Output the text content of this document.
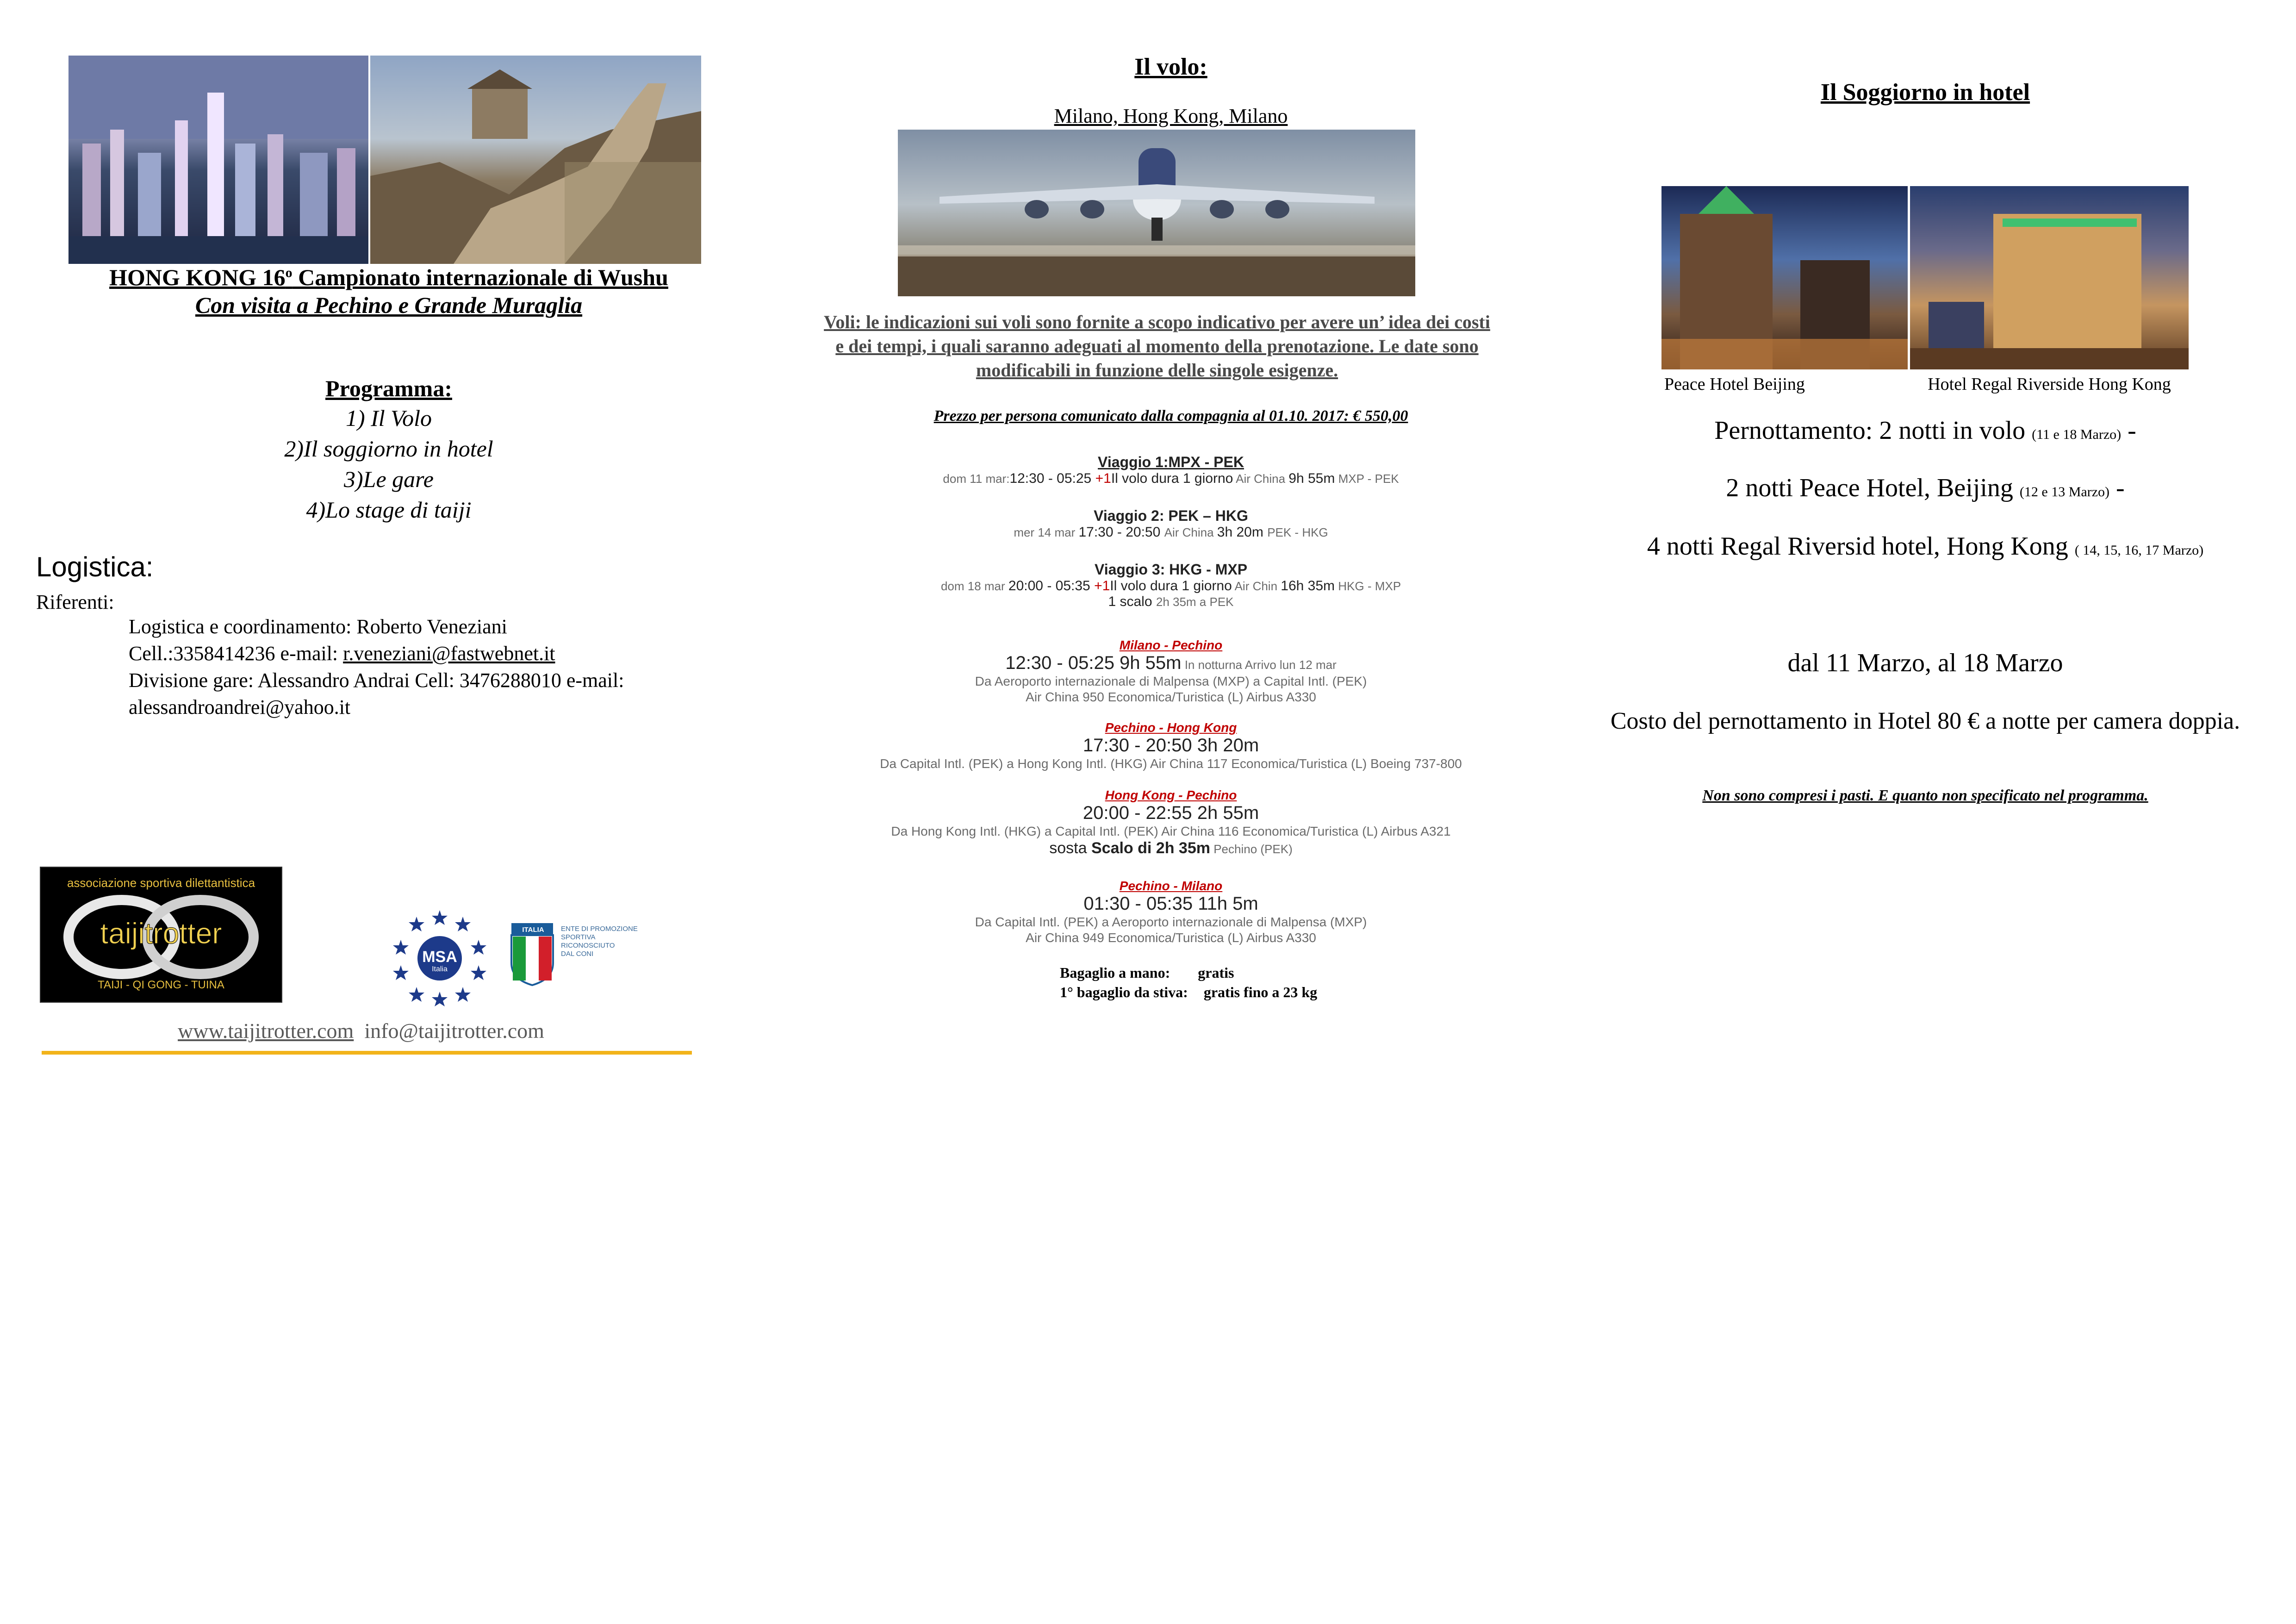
HONG KONG 16$^o$ Campionato internazionale di Wushu
Con visita a Pechino e Grande Muraglia
Programma:
1) Il Volo
2)Il soggiorno in hotel
3)Le gare
4)Lo stage di taiji
Logistica:
Riferenti:
Logistica e coordinamento: Roberto Veneziani
Cell.:3358414236 e-mail: r.veneziani@fastwebnet.it
Divisione gare: Alessandro Andrai Cell: 3476288010 e-mail:
alessandroandrei@yahoo.it
associazione sportiva dilettantistica
taijitrotter
TAIJI - QI GONG - TUINA
MSA
Italia
ITALIA	ENTE DI PROMOZIONE
SPORTIVA
RICONOSCIUTO
DAL CONI
www.taijitrotter.com info@taijitrotter.com
Il volo:
Milano, Hong Kong, Milano
Voli: le indicazioni sui voli sono fornite a scopo indicativo per avere un’ idea dei costi e dei tempi, i quali saranno adeguati al momento della prenotazione. Le date sono modificabili in funzione delle singole esigenze.
Prezzo per persona comunicato dalla compagnia al 01.10. 2017: € 550,00
Viaggio 1:MPX - PEK
dom 11 mar:12:30 - 05:25 +1Il volo dura 1 giorno Air China 9h 55m MXP - PEK
Viaggio 2: PEK – HKG
mer 14 mar 17:30 - 20:50 Air China 3h 20m PEK - HKG
Viaggio 3: HKG - MXP
dom 18 mar 20:00 - 05:35 +1Il volo dura 1 giorno Air Chin 16h 35m HKG - MXP
1 scalo 2h 35m a PEK
Milano - Pechino
12:30 - 05:25 9h 55m In notturna Arrivo lun 12 mar
Da Aeroporto internazionale di Malpensa (MXP) a Capital Intl. (PEK)
Air China 950 Economica/Turistica (L) Airbus A330
Pechino - Hong Kong
17:30 - 20:50 3h 20m
Da Capital Intl. (PEK) a Hong Kong Intl. (HKG) Air China 117 Economica/Turistica (L) Boeing 737-800
Hong Kong - Pechino
20:00 - 22:55 2h 55m
Da Hong Kong Intl. (HKG) a Capital Intl. (PEK) Air China 116 Economica/Turistica (L) Airbus A321
sosta Scalo di 2h 35m Pechino (PEK)
Pechino - Milano
01:30 - 05:35 11h 5m
Da Capital Intl. (PEK) a Aeroporto internazionale di Malpensa (MXP)
Air China 949 Economica/Turistica (L) Airbus A330
Bagaglio a mano: gratis
1° bagaglio da stiva: gratis fino a 23 kg
Il Soggiorno in hotel
Peace Hotel Beijing	Hotel Regal Riverside Hong Kong
Pernottamento: 2 notti in volo (11 e 18 Marzo) -
2 notti Peace Hotel, Beijing (12 e 13 Marzo) -
4 notti Regal Riversid hotel, Hong Kong ( 14, 15, 16, 17 Marzo)
dal 11 Marzo, al 18 Marzo
Costo del pernottamento in Hotel 80 € a notte per camera doppia.
Non sono compresi i pasti. E quanto non specificato nel programma.
